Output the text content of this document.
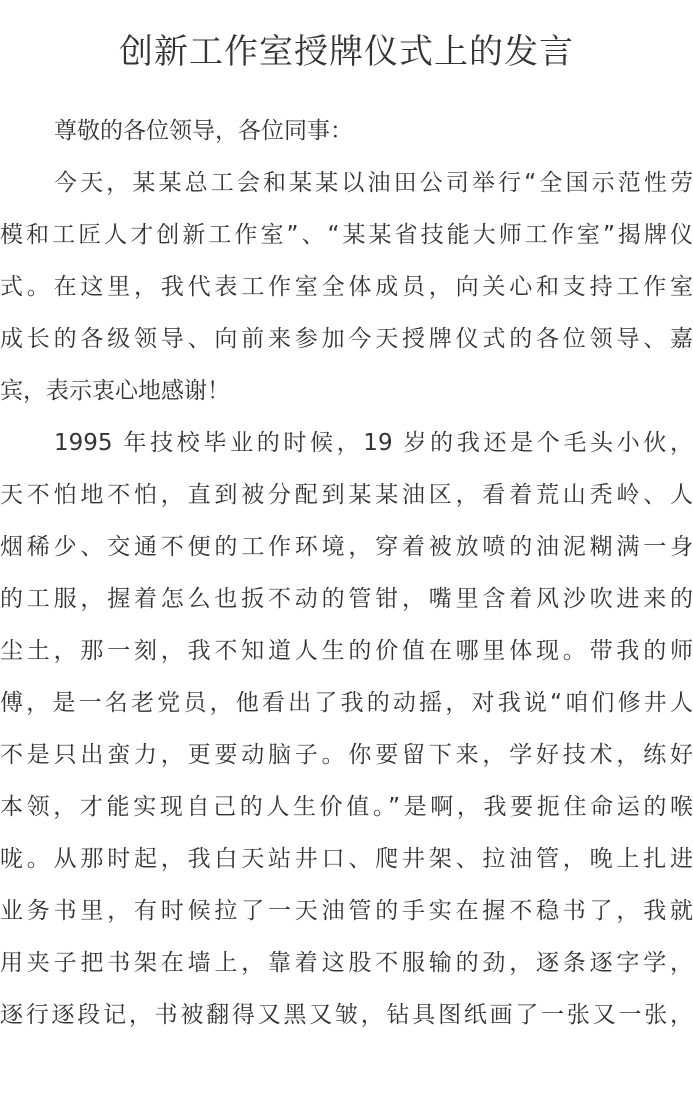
创新工作室授牌仪式上的发言
尊敬的各位领导，各位同事：
今天，某某总工会和某某以油田公司举行“全国示范性劳
模和工匠人才创新工作室”、“某某省技能大师工作室”揭牌仪
式。在这里，我代表工作室全体成员，向关心和支持工作室
成长的各级领导、向前来参加今天授牌仪式的各位领导、嘉
宾，表示衷心地感谢！
1995 年技校毕业的时候，19 岁的我还是个毛头小伙，
天不怕地不怕，直到被分配到某某油区，看着荒山秃岭、人
烟稀少、交通不便的工作环境，穿着被放喷的油泥糊满一身
的工服，握着怎么也扳不动的管钳，嘴里含着风沙吹进来的
尘土，那一刻，我不知道人生的价值在哪里体现。带我的师
傅，是一名老党员，他看出了我的动摇，对我说“咱们修井人
不是只出蛮力，更要动脑子。你要留下来，学好技术，练好
本领，才能实现自己的人生价值。”是啊，我要扼住命运的喉
咙。从那时起，我白天站井口、爬井架、拉油管，晚上扎进
业务书里，有时候拉了一天油管的手实在握不稳书了，我就
用夹子把书架在墙上，靠着这股不服输的劲，逐条逐字学，
逐行逐段记，书被翻得又黑又皱，钻具图纸画了一张又一张，
